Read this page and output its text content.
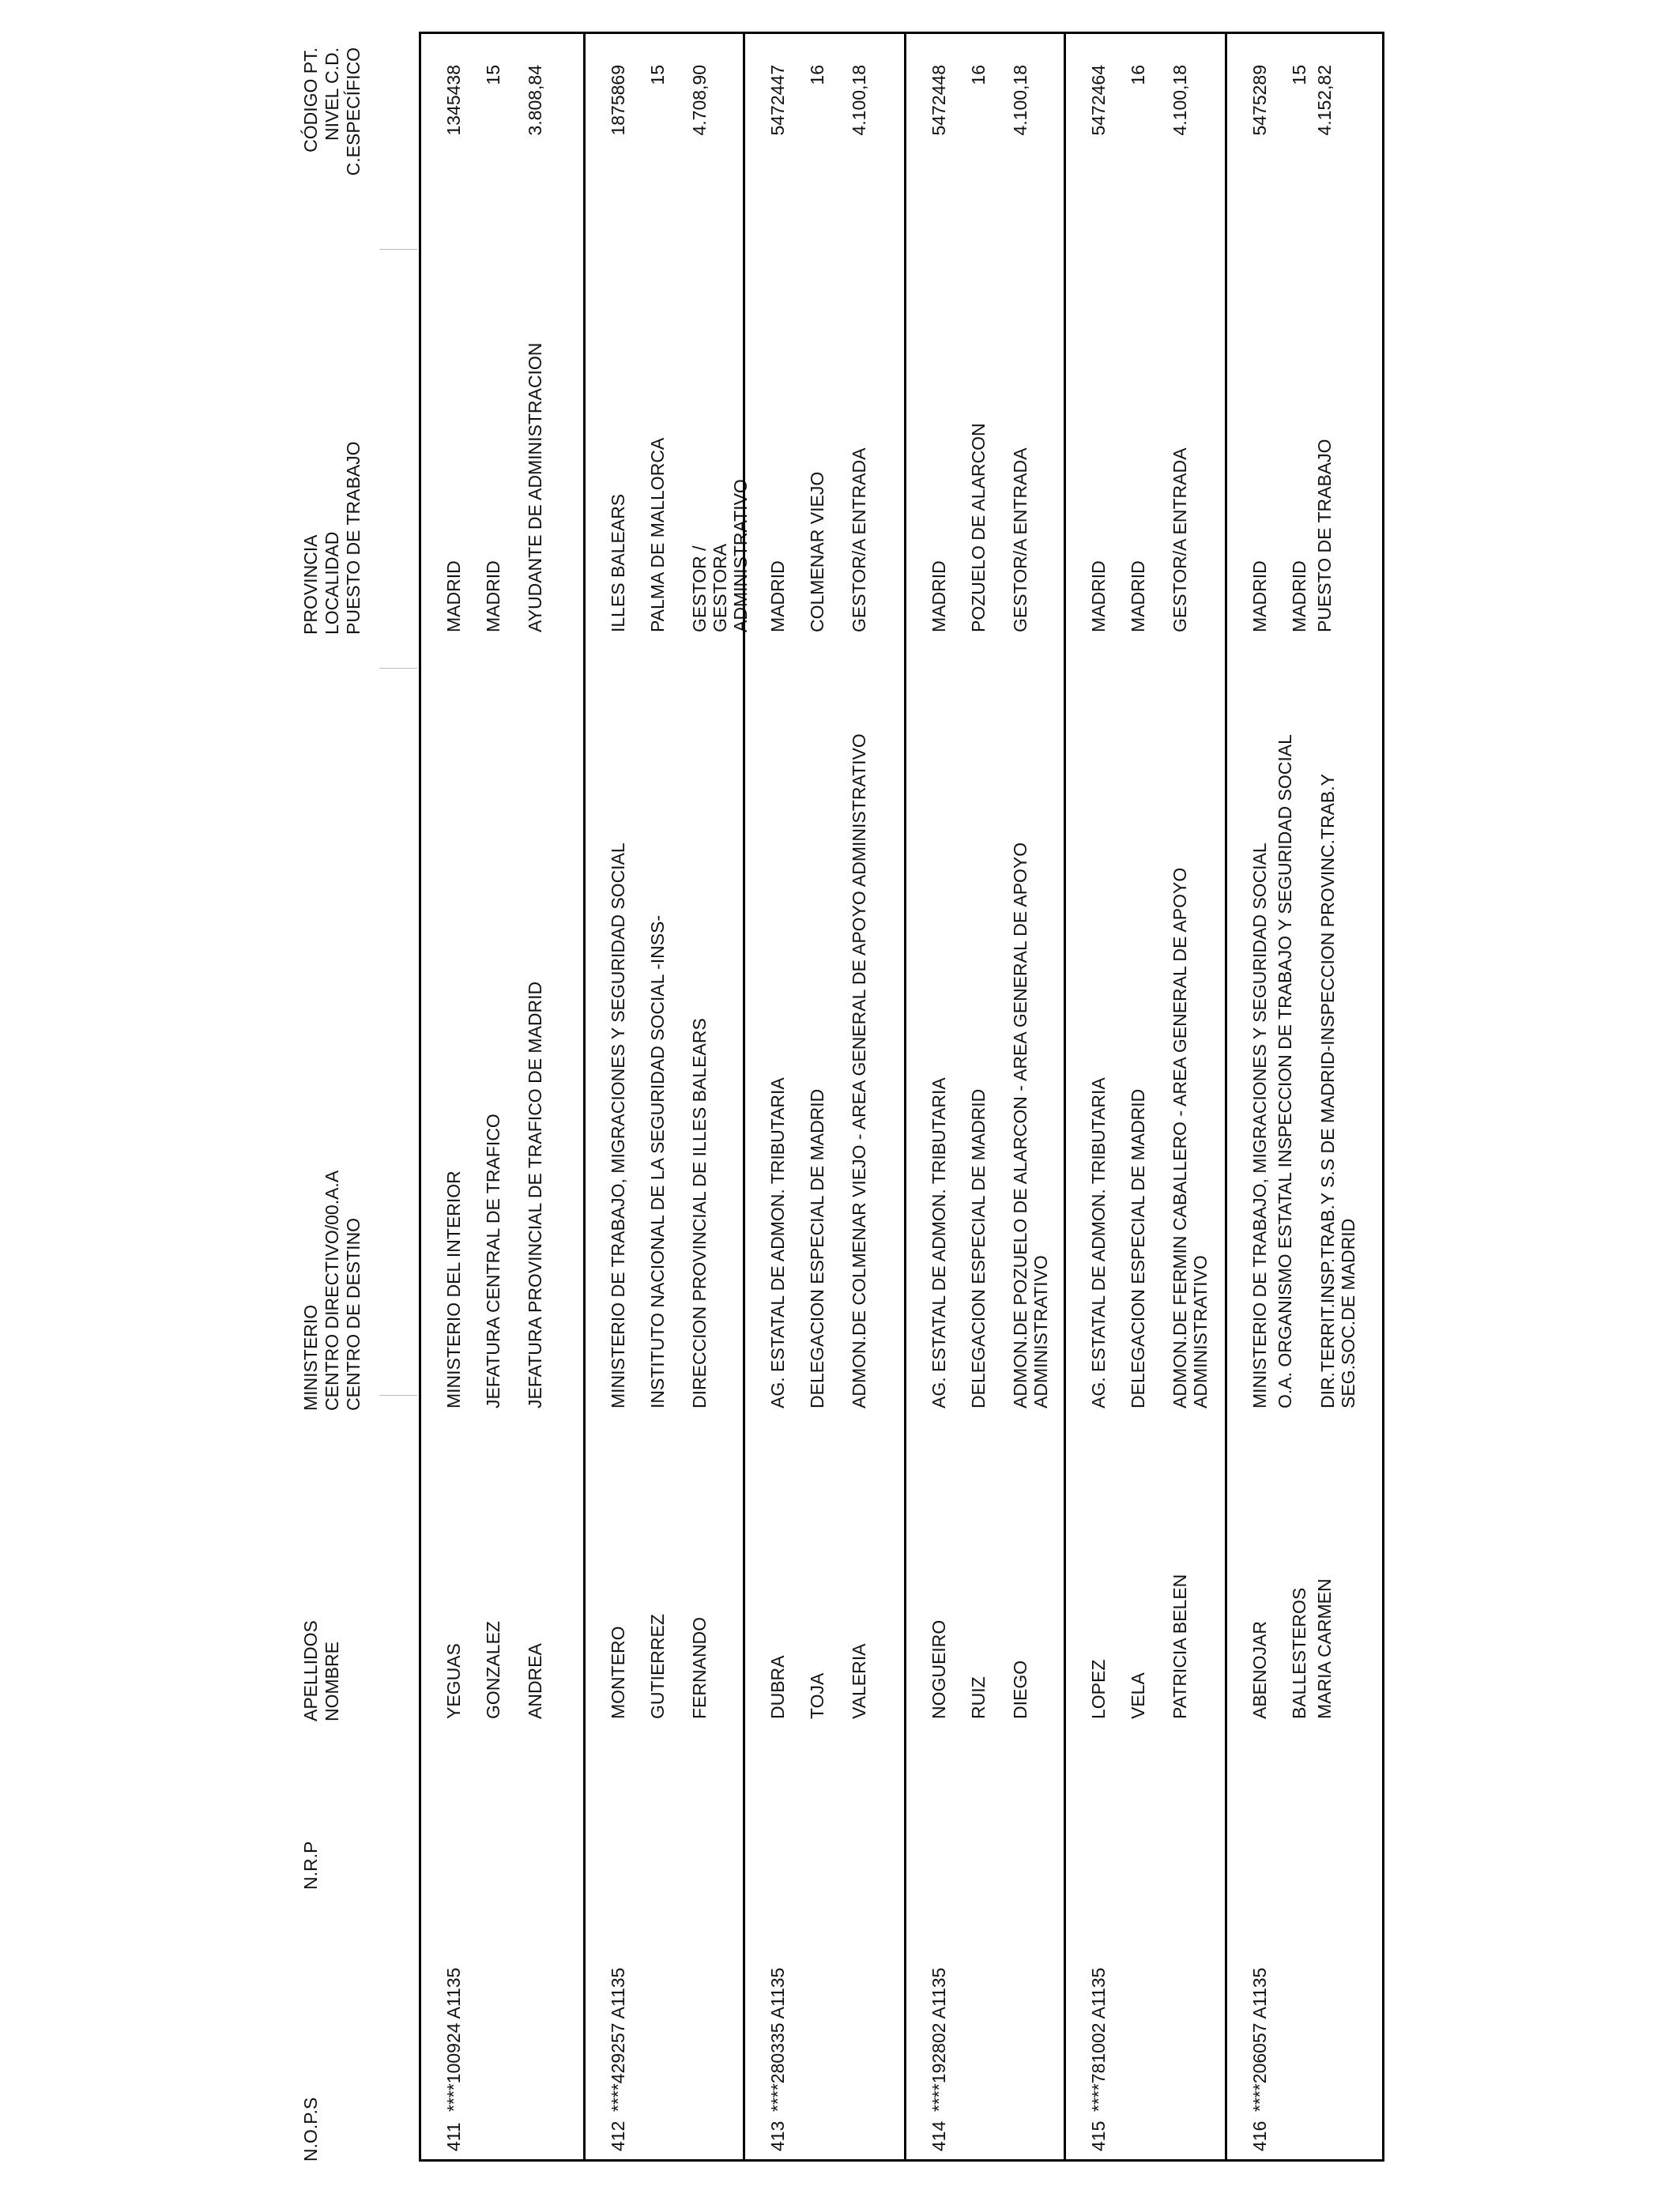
N.O.P.S
N.R.P
APELLIDOS NOMBRE
MINISTERIO CENTRO DIRECTIVO/00.A.A CENTRO DE DESTINO
PROVINCIA LOCALIDAD PUESTO DE TRABAJO
CÓDIGO PT. NIVEL C.D. C.ESPECÍFICO
411
****100924 A1135
YEGUAS GONZALEZ ANDREA
MINISTERIO DEL INTERIOR JEFATURA CENTRAL DE TRAFICO JEFATURA PROVINCIAL DE TRAFICO DE MADRID
MADRID MADRID AYUDANTE DE ADMINISTRACION
1345438 15 3.808,84
412
****429257 A1135
MONTERO GUTIERREZ FERNANDO
MINISTERIO DE TRABAJO, MIGRACIONES Y SEGURIDAD SOCIAL INSTITUTO NACIONAL DE LA SEGURIDAD SOCIAL -INSS- DIRECCION PROVINCIAL DE ILLES BALEARS
ILLES BALEARS PALMA DE MALLORCA GESTOR / GESTORA ADMINISTRATIVO
1875869 15 4.708,90
413
****280335 A1135
DUBRA TOJA VALERIA
AG. ESTATAL DE ADMON. TRIBUTARIA DELEGACION ESPECIAL DE MADRID ADMON.DE COLMENAR VIEJO - AREA GENERAL DE APOYO ADMINISTRATIVO
MADRID COLMENAR VIEJO GESTOR/A ENTRADA
5472447 16 4.100,18
414
****192802 A1135
NOGUEIRO RUIZ DIEGO
AG. ESTATAL DE ADMON. TRIBUTARIA DELEGACION ESPECIAL DE MADRID ADMON.DE POZUELO DE ALARCON - AREA GENERAL DE APOYO ADMINISTRATIVO
MADRID POZUELO DE ALARCON GESTOR/A ENTRADA
5472448 16 4.100,18
415
****781002 A1135
LOPEZ VELA PATRICIA BELEN
AG. ESTATAL DE ADMON. TRIBUTARIA DELEGACION ESPECIAL DE MADRID ADMON.DE FERMIN CABALLERO - AREA GENERAL DE APOYO ADMINISTRATIVO
MADRID MADRID GESTOR/A ENTRADA
5472464 16 4.100,18
416
****206057 A1135
ABENOJAR BALLESTEROS MARIA CARMEN
MINISTERIO DE TRABAJO, MIGRACIONES Y SEGURIDAD SOCIAL O.A. ORGANISMO ESTATAL INSPECCION DE TRABAJO Y SEGURIDAD SOCIAL DIR.TERRIT.INSP.TRAB.Y S.S DE MADRID-INSPECCION PROVINC.TRAB.Y SEG.SOC.DE MADRID
MADRID MADRID PUESTO DE TRABAJO
5475289 15 4.152,82
